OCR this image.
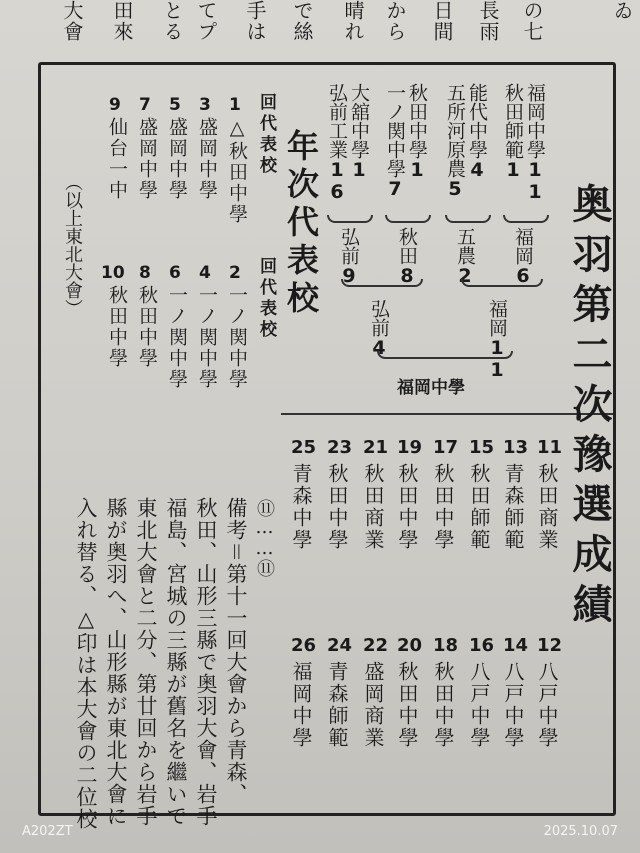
大會 田來 とる てプ 手は で絲 晴れ から 日間 長雨 の七	ゐ
奥羽第二次豫選成績
福岡中學11
秋田師範1
能代中學4
五所河原農5
秋田中學1
一ノ関中學7
大舘中學1
弘前工業16
福岡6
五農2
秋田8
弘前9
福岡11
弘前4
福岡中學
年次代表校
回代表校
回代表校
1
△秋田中學
2
一ノ関中學
3
盛岡中學
4
一ノ関中學
5
盛岡中學
6
一ノ関中學
7
盛岡中學
8
秋田中學
9
仙台一中
10
秋田中學
（以上東北大會）
11
秋田商業
12
八戸中學
13
青森師範
14
八戸中學
15
秋田師範
16
八戸中學
17
秋田中學
18
秋田中學
19
秋田中學
20
秋田中學
21
秋田商業
22
盛岡商業
23
秋田中學
24
青森師範
25
青森中學
26
福岡中學
⑪……⑪
備考＝第十一回大會から青森、
秋田、山形三縣で奥羽大會、岩手
福島、宮城の三縣が舊名を繼いで
東北大會と二分、第廿回から岩手
縣が奥羽へ、山形縣が東北大會に
入れ替る、△印は本大會の二位校
A202ZT	2025.10.07
